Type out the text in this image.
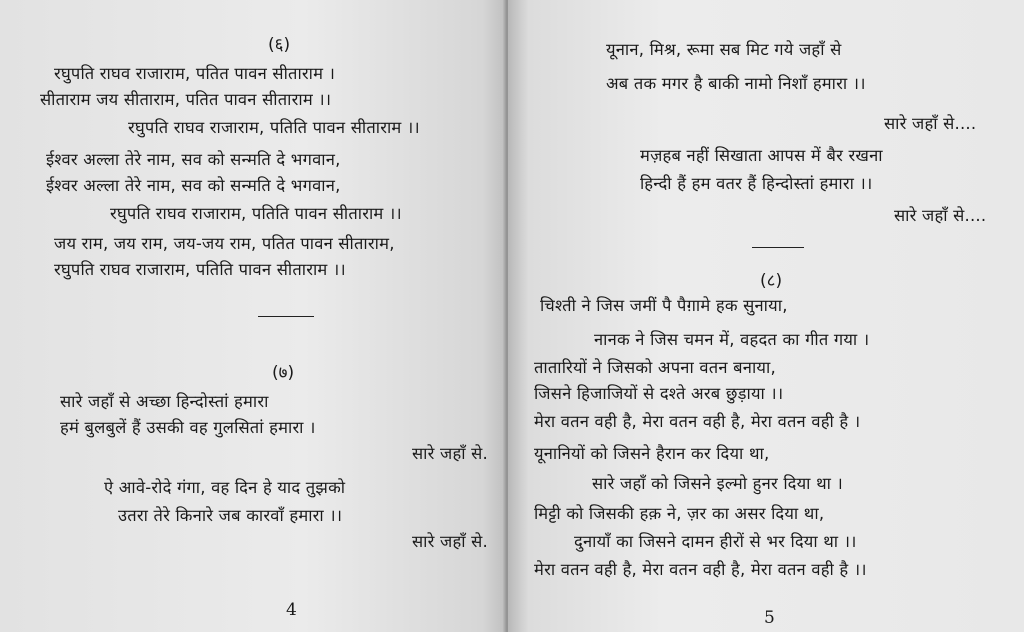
(६)
रघुपति राघव राजाराम, पतित पावन सीताराम ।
सीताराम जय सीताराम, पतित पावन सीताराम ।।
रघुपति राघव राजाराम, पतिति पावन सीताराम ।।
ईश्वर अल्ला तेरे नाम, सव को सन्मति दे भगवान,
ईश्वर अल्ला तेरे नाम, सव को सन्मति दे भगवान,
रघुपति राघव राजाराम, पतिति पावन सीताराम ।।
जय राम, जय राम, जय-जय राम, पतित पावन सीताराम,
रघुपति राघव राजाराम, पतिति पावन सीताराम ।।
(७)
सारे जहाँ से अच्छा हिन्दोस्तां हमारा
हमं बुलबुलें हैं उसकी वह गुलसितां हमारा ।
सारे जहाँ से.
ऐ आवे-रोदे गंगा, वह दिन हे याद तुझको
उतरा तेरे किनारे जब कारवाँ हमारा ।।
सारे जहाँ से.
4
यूनान, मिश्र, रूमा सब मिट गये जहाँ से
अब तक मगर है बाकी नामो निशाँ हमारा ।।
सारे जहाँ से....
मज़हब नहीं सिखाता आपस में बैर रखना
हिन्दी हैं हम वतर हैं हिन्दोस्तां हमारा ।।
सारे जहाँ से....
(८)
चिश्ती ने जिस जमीं पै पैग़ामे हक सुनाया,
नानक ने जिस चमन में, वहदत का गीत गया ।
तातारियों ने जिसको अपना वतन बनाया,
जिसने हिजाजियों से दश्ते अरब छुड़ाया ।।
मेरा वतन वही है, मेरा वतन वही है, मेरा वतन वही है ।
यूनानियों को जिसने हैरान कर दिया था,
सारे जहाँ को जिसने इल्मो हुनर दिया था ।
मिट्टी को जिसकी हक़ ने, ज़र का असर दिया था,
दुनायाँ का जिसने दामन हीरों से भर दिया था ।।
मेरा वतन वही है, मेरा वतन वही है, मेरा वतन वही है ।।
5
